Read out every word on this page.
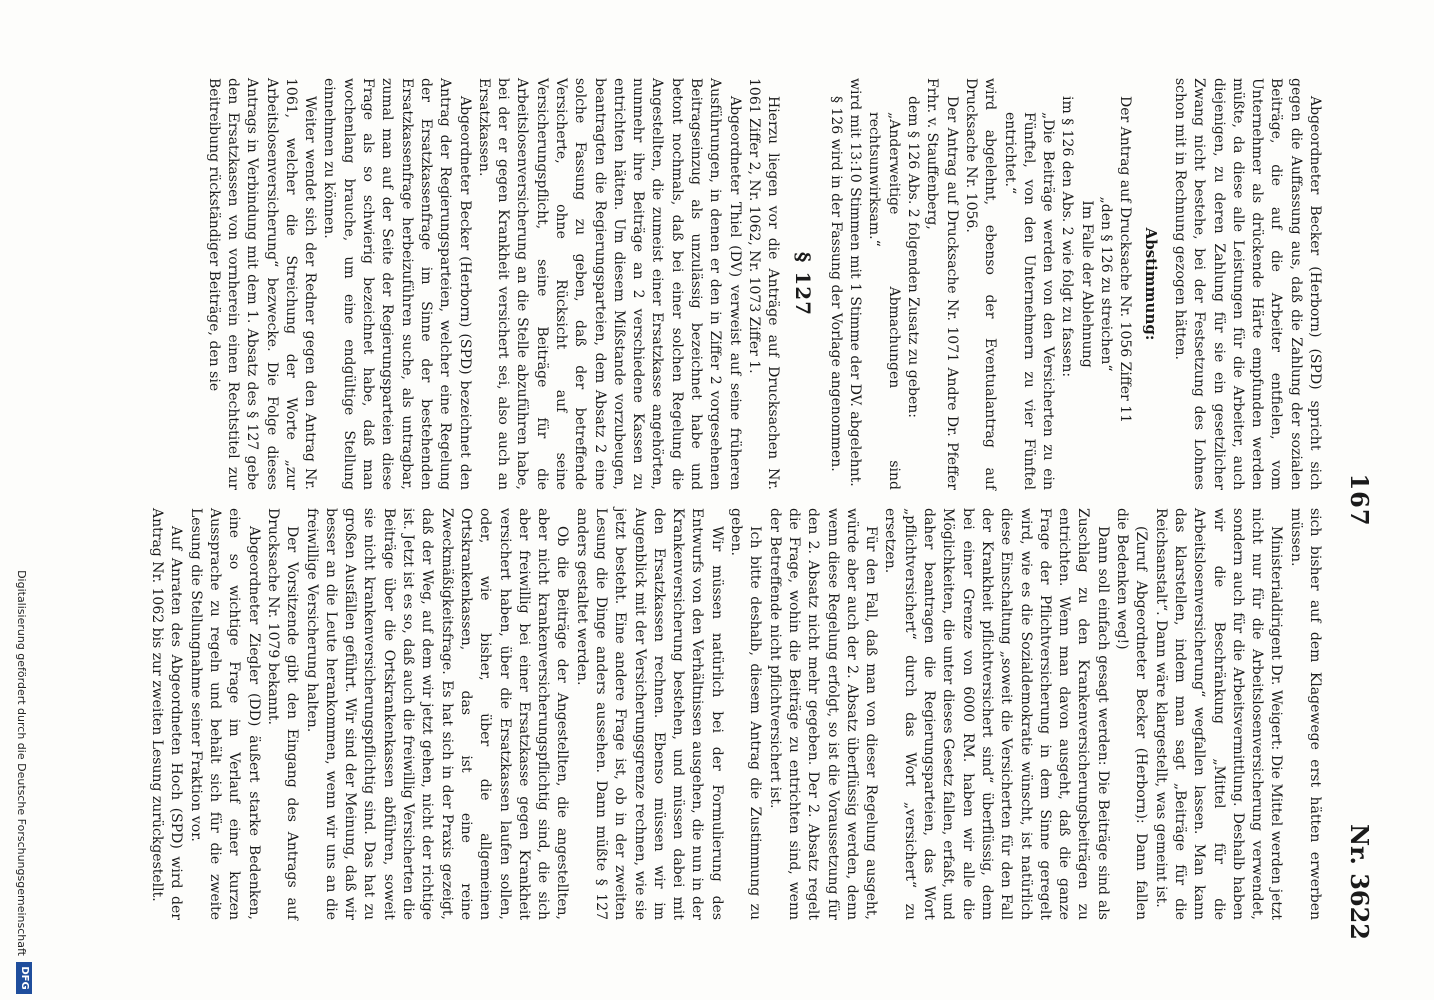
167
Nr. 3622

Abgeordneter Becker (Herborn) (SPD) spricht sich gegen die Auffassung aus, daß die Zahlung der sozialen Beiträge, die auf die Arbeiter entfielen, vom Unternehmer als drückende Härte empfunden werden müßte, da diese alle Leistungen für die Arbeiter, auch diejenigen, zu deren Zahlung für sie ein gesetzlicher Zwang nicht bestehe, bei der Festsetzung des Lohnes schon mit in Rechnung gezogen hätten.

Abstimmung:

Der Antrag auf Drucksache Nr. 1056 Ziffer 11

„den § 126 zu streichen“

Im Falle der Ablehnung

im § 126 den Abs. 2 wie folgt zu fassen:

„Die Beiträge werden von den Versicherten zu ein Fünftel, von den Unternehmern zu vier Fünftel entrichtet.“

wird abgelehnt, ebenso der Eventualantrag auf Drucksache Nr. 1056.

Der Antrag auf Drucksache Nr. 1071 Andre Dr. Pfeffer Frhr. v. Stauffenberg,

dem § 126 Abs. 2 folgenden Zusatz zu geben:

„Anderweitige Abmachungen sind rechtsunwirksam.“

wird mit 13:10 Stimmen mit 1 Stimme der DV. abgelehnt.

§ 126 wird in der Fassung der Vorlage angenommen.

§ 127

Hierzu liegen vor die Anträge auf Drucksachen Nr. 1061 Ziffer 2, Nr. 1062, Nr. 1073 Ziffer 1.

Abgeordneter Thiel (DV) verweist auf seine früheren Ausführungen, in denen er den in Ziffer 2 vorgesehenen Beitragseinzug als unzulässig bezeichnet habe und betont nochmals, daß bei einer solchen Regelung die Angestellten, die zumeist einer Ersatzkasse angehörten, nunmehr ihre Beiträge an 2 verschiedene Kassen zu entrichten hätten. Um diesem Mißstande vorzubeugen, beantragten die Regierungsparteien, dem Absatz 2 eine solche Fassung zu geben, daß der betreffende Versicherte, ohne Rücksicht auf seine Versicherungspflicht, seine Beiträge für die Arbeitslosenversicherung an die Stelle abzuführen habe, bei der er gegen Krankheit versichert sei, also auch an Ersatzkassen.

Abgeordneter Becker (Herborn) (SPD) bezeichnet den Antrag der Regierungsparteien, welcher eine Regelung der Ersatzkassenfrage im Sinne der bestehenden Ersatzkassenfrage herbeizuführen suche, als untragbar, zumal man auf der Seite der Regierungsparteien diese Frage als so schwierig bezeichnet habe, daß man wochenlang brauche, um eine endgültige Stellung einnehmen zu können.

Weiter wendet sich der Redner gegen den Antrag Nr. 1061, welcher die Streichung der Worte „zur Arbeitslosenversicherung“ bezwecke. Die Folge dieses Antrags in Verbindung mit dem 1. Absatz des § 127 gebe den Ersatzkassen von vornherein einen Rechtstitel zur Beitreibung rückständiger Beiträge, den sie

sich bisher auf dem Klagewege erst hätten erwerben müssen.

Ministerialdirigent Dr. Weigert: Die Mittel werden jetzt nicht nur für die Arbeitslosenversicherung verwendet, sondern auch für die Arbeitsvermittlung. Deshalb haben wir die Beschränkung „Mittel für die Arbeitslosenversicherung“ wegfallen lassen. Man kann das klarstellen, indem man sagt „Beiträge für die Reichsanstalt“. Dann wäre klargestellt, was gemeint ist.

(Zuruf Abgeordneter Becker (Herborn): Dann fallen die Bedenken weg!)

Dann soll einfach gesagt werden: Die Beiträge sind als Zuschlag zu den Krankenversicherungsbeiträgen zu entrichten. Wenn man davon ausgeht, daß die ganze Frage der Pflichtversicherung in dem Sinne geregelt wird, wie es die Sozialdemokratie wünscht, ist natürlich diese Einschaltung „soweit die Versicherten für den Fall der Krankheit pflichtversichert sind“ überflüssig, denn bei einer Grenze von 6000 RM. haben wir alle die Möglichkeiten, die unter dieses Gesetz fallen, erfaßt, und daher beantragen die Regierungsparteien, das Wort „pflichtversichert“ durch das Wort „versichert“ zu ersetzen.

Für den Fall, daß man von dieser Regelung ausgeht, würde aber auch der 2. Absatz überflüssig werden, denn wenn diese Regelung erfolgt, so ist die Voraussetzung für den 2. Absatz nicht mehr gegeben. Der 2. Absatz regelt die Frage, wohin die Beiträge zu entrichten sind, wenn der Betreffende nicht pflichtversichert ist.

Ich bitte deshalb, diesem Antrag die Zustimmung zu geben.

Wir müssen natürlich bei der Formulierung des Entwurfs von den Verhältnissen ausgehen, die nun in der Krankenversicherung bestehen, und müssen dabei mit den Ersatzkassen rechnen. Ebenso müssen wir im Augenblick mit der Versicherungsgrenze rechnen, wie sie jetzt besteht. Eine andere Frage ist, ob in der zweiten Lesung die Dinge anders aussehen. Dann müßte § 127 anders gestaltet werden.

Ob die Beiträge der Angestellten, die angestellten, aber nicht krankenversicherungspflichtig sind, die sich aber freiwillig bei einer Ersatzkasse gegen Krankheit versichert haben, über die Ersatzkassen laufen sollen, oder, wie bisher, über die allgemeinen Ortskrankenkassen, das ist eine reine Zweckmäßigkeitsfrage. Es hat sich in der Praxis gezeigt, daß der Weg, auf dem wir jetzt gehen, nicht der richtige ist. Jetzt ist es so, daß auch die freiwillig Versicherten die Beiträge über die Ortskrankenkassen abführen, soweit sie nicht krankenversicherungspflichtig sind. Das hat zu großen Ausfällen geführt. Wir sind der Meinung, daß wir besser an die Leute herankommen, wenn wir uns an die freiwillige Versicherung halten.

Der Vorsitzende gibt den Eingang des Antrags auf Drucksache Nr. 1079 bekannt.

Abgeordneter Ziegler (DD) äußert starke Bedenken, eine so wichtige Frage im Verlauf einer kurzen Aussprache zu regeln und behält sich für die zweite Lesung die Stellungnahme seiner Fraktion vor.

Auf Anraten des Abgeordneten Hoch (SPD) wird der Antrag Nr. 1062 bis zur zweiten Lesung zurückgestellt.

Digitalisierung gefördert durch die Deutsche Forschungsgemeinschaft
DFG
